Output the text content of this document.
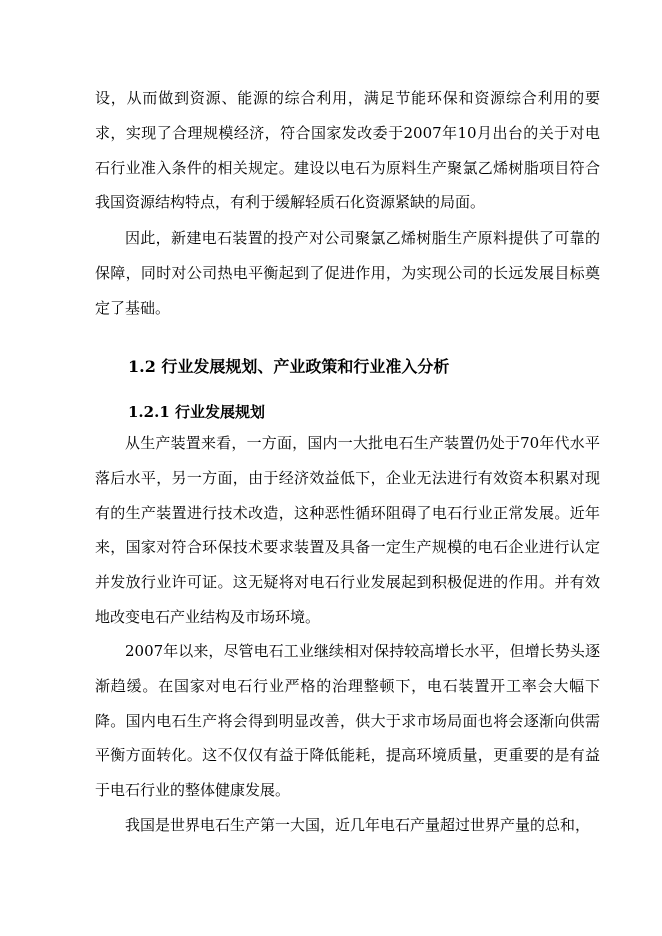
设，从而做到资源、能源的综合利用，满足节能环保和资源综合利用的要求，实现了合理规模经济，符合国家发改委于2007年10月出台的关于对电石行业准入条件的相关规定。建设以电石为原料生产聚氯乙烯树脂项目符合我国资源结构特点，有利于缓解轻质石化资源紧缺的局面。

因此，新建电石装置的投产对公司聚氯乙烯树脂生产原料提供了可靠的保障，同时对公司热电平衡起到了促进作用，为实现公司的长远发展目标奠定了基础。

1.2 行业发展规划、产业政策和行业准入分析
1.2.1 行业发展规划

从生产装置来看，一方面，国内一大批电石生产装置仍处于70年代水平落后水平，另一方面，由于经济效益低下，企业无法进行有效资本积累对现有的生产装置进行技术改造，这种恶性循环阻碍了电石行业正常发展。近年来，国家对符合环保技术要求装置及具备一定生产规模的电石企业进行认定并发放行业许可证。这无疑将对电石行业发展起到积极促进的作用。并有效地改变电石产业结构及市场环境。

2007年以来，尽管电石工业继续相对保持较高增长水平，但增长势头逐渐趋缓。在国家对电石行业严格的治理整顿下，电石装置开工率会大幅下降。国内电石生产将会得到明显改善，供大于求市场局面也将会逐渐向供需平衡方面转化。这不仅仅有益于降低能耗，提高环境质量，更重要的是有益于电石行业的整体健康发展。

我国是世界电石生产第一大国，近几年电石产量超过世界产量的总和，
